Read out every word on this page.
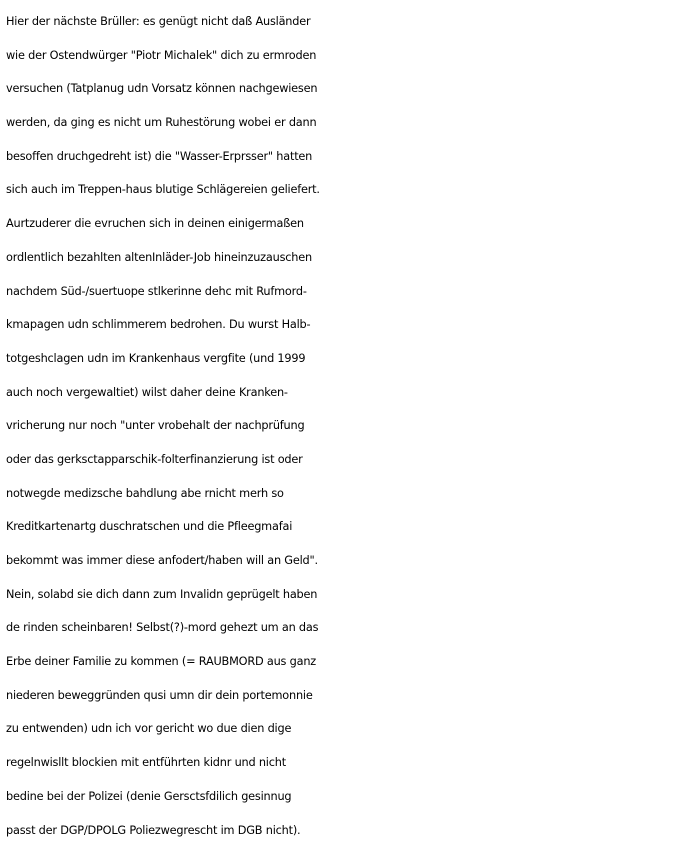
Hier der nächste Brüller: es genügt nicht daß Ausländer
wie der Ostendwürger "Piotr Michalek" dich zu ermroden
versuchen (Tatplanug udn Vorsatz können nachgewiesen
werden, da ging es nicht um Ruhestörung wobei er dann
besoffen druchgedreht ist) die "Wasser-Erprsser" hatten
sich auch im Treppen-haus blutige Schlägereien geliefert.
Aurtzuderer die evruchen sich in deinen einigermaßen
ordlentlich bezahlten altenInläder-Job hineinzuzauschen
nachdem Süd-/suertuope stlkerinne dehc mit Rufmord-
kmapagen udn schlimmerem bedrohen. Du wurst Halb-
totgeshclagen udn im Krankenhaus vergfite (und 1999
auch noch vergewaltiet) wilst daher deine Kranken-
vricherung nur noch "unter vrobehalt der nachprüfung
oder das gerksctapparschik-folterfinanzierung ist oder
notwegde medizsche bahdlung abe rnicht merh so
Kreditkartenartg duschratschen und die Pfleegmafai
bekommt was immer diese anfodert/haben will an Geld".
Nein, solabd sie dich dann zum Invalidn geprügelt haben
de rinden scheinbaren! Selbst(?)-mord gehezt um an das
Erbe deiner Familie zu kommen (= RAUBMORD aus ganz
niederen beweggründen qusi umn dir dein portemonnie
zu entwenden) udn ich vor gericht wo due dien dige
regelnwisllt blockien mit entführten kidnr und nicht
bedine bei der Polizei (denie Gersctsfdilich gesinnug
passt der DGP/DPOLG Poliezwegrescht im DGB nicht).
